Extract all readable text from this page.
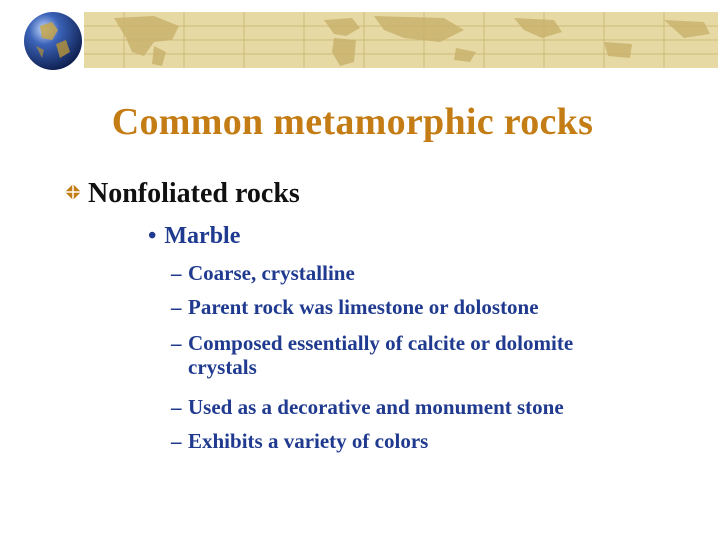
Common metamorphic rocks
Nonfoliated rocks
• Marble
– Coarse, crystalline
– Parent rock was limestone or dolostone
– Composed essentially of calcite or dolomite
crystals
– Used as a decorative and monument stone
– Exhibits a variety of colors
